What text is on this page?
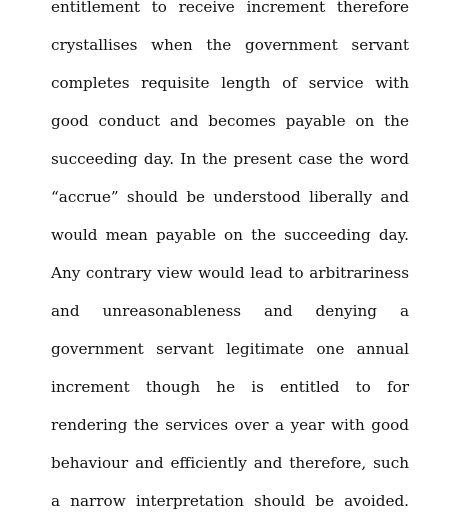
entitlement to receive increment therefore
crystallises when the government servant
completes requisite length of service with
good conduct and becomes payable on the
succeeding day. In the present case the word
“accrue” should be understood liberally and
would mean payable on the succeeding day.
Any contrary view would lead to arbitrariness
and unreasonableness and denying a
government servant legitimate one annual
increment though he is entitled to for
rendering the services over a year with good
behaviour and efficiently and therefore, such
a narrow interpretation should be avoided.
